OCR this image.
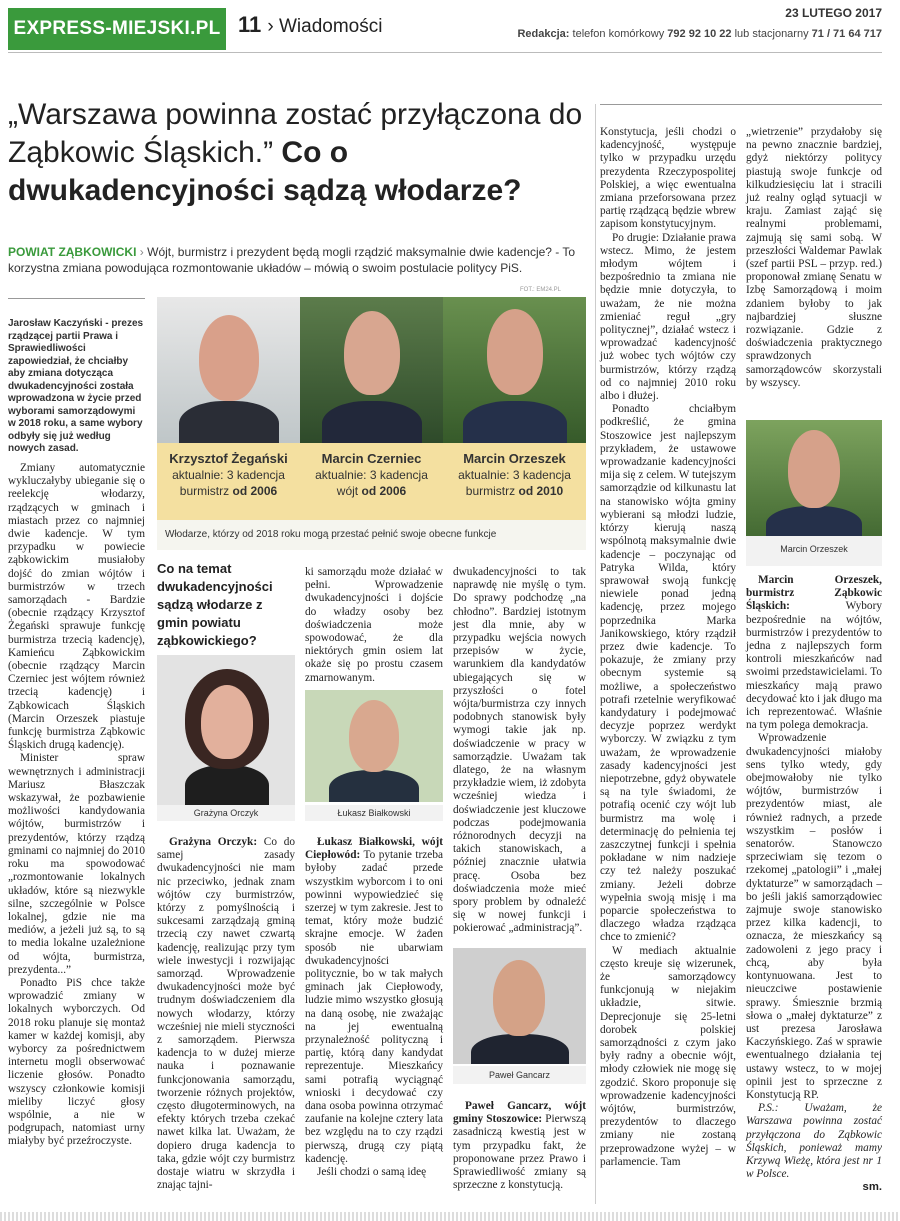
EXPRESS-MIEJSKI.PL 11 › Wiadomości
23 LUTEGO 2017
Redakcja: telefon komórkowy 792 92 10 22 lub stacjonarny 71 / 71 64 717
„Warszawa powinna zostać przyłączona do Ząbkowic Śląskich.” Co o dwukadencyjności sądzą włodarze?
POWIAT ZĄBKOWICKI › Wójt, burmistrz i prezydent będą mogli rządzić maksymalnie dwie kadencje? - To korzystna zmiana powodująca rozmontowanie układów – mówią o swoim postulacie politycy PiS.
FOT.: EM24.PL
Jarosław Kaczyński - prezes rządzącej partii Prawa i Sprawiedliwości zapowiedział, że chciałby aby zmiana dotycząca dwukadencyjności została wprowadzona w życie przed wyborami samorządowymi w 2018 roku, a same wybory odbyły się już według nowych zasad.
Krzysztof Żegański
aktualnie: 3 kadencja
burmistrz od 2006
Marcin Czerniec
aktualnie: 3 kadencja
wójt od 2006
Marcin Orzeszek
aktualnie: 3 kadencja
burmistrz od 2010
Włodarze, którzy od 2018 roku mogą przestać pełnić swoje obecne funkcje

Zmiany automatycznie wykluczałyby ubieganie się o reelekcję włodarzy, rządzących w gminach i miastach przez co najmniej dwie kadencje. W tym przypadku w powiecie ząbkowickim musiałoby dojść do zmian wójtów i burmistrzów w trzech samorządach - Bardzie (obecnie rządzący Krzysztof Żegański sprawuje funkcję burmistrza trzecią kadencję), Kamieńcu Ząbkowickim (obecnie rządzący Marcin Czerniec jest wójtem również trzecią kadencję) i Ząbkowicach Śląskich (Marcin Orzeszek piastuje funkcję burmistrza Ząbkowic Śląskich drugą kadencję).

Minister spraw wewnętrznych i administracji Mariusz Błaszczak wskazywał, że pozbawienie możliwości kandydowania wójtów, burmistrzów i prezydentów, którzy rządzą gminami co najmniej do 2010 roku ma spowodować „rozmontowanie lokalnych układów, które są niezwykle silne, szczególnie w Polsce lokalnej, gdzie nie ma mediów, a jeżeli już są, to są to media lokalne uzależnione od wójta, burmistrza, prezydenta...”

Ponadto PiS chce także wprowadzić zmiany w lokalnych wyborczych. Od 2018 roku planuje się montaż kamer w każdej komisji, aby wyborcy za pośrednictwem internetu mogli obserwować liczenie głosów. Ponadto wszyscy członkowie komisji mieliby liczyć głosy wspólnie, a nie w podgrupach, natomiast urny miałyby być przeźroczyste.

Co na temat dwukadencyjności sądzą włodarze z gmin powiatu ząbkowickiego?
Grażyna Orczyk

Grażyna Orczyk: Co do samej zasady dwukadencyjności nie mam nic przeciwko, jednak znam wójtów czy burmistrzów, którzy z pomyślnością i sukcesami zarządzają gminą trzecią czy nawet czwartą kadencję, realizując przy tym wiele inwestycji i rozwijając samorząd. Wprowadzenie dwukadencyjności może być trudnym doświadczeniem dla nowych włodarzy, którzy wcześniej nie mieli styczności z samorządem. Pierwsza kadencja to w dużej mierze nauka i poznawanie funkcjonowania samorządu, tworzenie różnych projektów, często długoterminowych, na efekty których trzeba czekać nawet kilka lat. Uważam, że dopiero druga kadencja to taka, gdzie wójt czy burmistrz dostaje wiatru w skrzydła i znając tajni-

ki samorządu może działać w pełni. Wprowadzenie dwukadencyjności i dojście do władzy osoby bez doświadczenia może spowodować, że dla niektórych gmin osiem lat okaże się po prostu czasem zmarnowanym.

Łukasz Białkowski

Łukasz Białkowski, wójt Ciepłowód: To pytanie trzeba byłoby zadać przede wszystkim wyborcom i to oni powinni wypowiedzieć się szerzej w tym zakresie. Jest to temat, który może budzić skrajne emocje. W żaden sposób nie ubarwiam dwukadencyjności politycznie, bo w tak małych gminach jak Ciepłowody, ludzie mimo wszystko głosują na daną osobę, nie zważając na jej ewentualną przynależność polityczną i partię, którą dany kandydat reprezentuje. Mieszkańcy sami potrafią wyciągnąć wnioski i decydować czy dana osoba powinna otrzymać zaufanie na kolejne cztery lata bez względu na to czy rządzi pierwszą, drugą czy piątą kadencję.

Jeśli chodzi o samą ideę

dwukadencyjności to tak naprawdę nie myślę o tym. Do sprawy podchodzę „na chłodno”. Bardziej istotnym jest dla mnie, aby w przypadku wejścia nowych przepisów w życie, warunkiem dla kandydatów ubiegających się w przyszłości o fotel wójta/burmistrza czy innych podobnych stanowisk były wymogi takie jak np. doświadczenie w pracy w samorządzie. Uważam tak dlatego, że na własnym przykładzie wiem, iż zdobyta wcześniej wiedza i doświadczenie jest kluczowe podczas podejmowania różnorodnych decyzji na takich stanowiskach, a później znacznie ułatwia pracę. Osoba bez doświadczenia może mieć spory problem by odnaleźć się w nowej funkcji i pokierować „administracją”.

Paweł Gancarz

Paweł Gancarz, wójt gminy Stoszowice: Pierwszą zasadniczą kwestią jest w tym przypadku fakt, że proponowane przez Prawo i Sprawiedliwość zmiany są sprzeczne z konstytucją.

Konstytucja, jeśli chodzi o kadencyjność, występuje tylko w przypadku urzędu prezydenta Rzeczypospolitej Polskiej, a więc ewentualna zmiana przeforsowana przez partię rządzącą będzie wbrew zapisom konstytucyjnym.

Po drugie: Działanie prawa wstecz. Mimo, że jestem młodym wójtem i bezpośrednio ta zmiana nie będzie mnie dotyczyła, to uważam, że nie można zmieniać reguł „gry politycznej”, działać wstecz i wprowadzać kadencyjność już wobec tych wójtów czy burmistrzów, którzy rządzą od co najmniej 2010 roku albo i dłużej.

Ponadto chciałbym podkreślić, że gmina Stoszowice jest najlepszym przykładem, że ustawowe wprowadzanie kadencyjności mija się z celem. W tutejszym samorządzie od kilkunastu lat na stanowisko wójta gminy wybierani są młodzi ludzie, którzy kierują naszą wspólnotą maksymalnie dwie kadencje – poczynając od Patryka Wilda, który sprawował swoją funkcję niewiele ponad jedną kadencję, przez mojego poprzednika Marka Janikowskiego, który rządził przez dwie kadencje. To pokazuje, że zmiany przy obecnym systemie są możliwe, a społeczeństwo potrafi rzetelnie weryfikować kandydatury i podejmować decyzje poprzez werdykt wyborczy. W związku z tym uważam, że wprowadzenie zasady kadencyjności jest niepotrzebne, gdyż obywatele są na tyle świadomi, że potrafią ocenić czy wójt lub burmistrz ma wolę i determinację do pełnienia tej zaszczytnej funkcji i spełnia pokładane w nim nadzieje czy też należy poszukać zmiany. Jeżeli dobrze wypełnia swoją misję i ma poparcie społeczeństwa to dlaczego władza rządząca chce to zmienić?

W mediach aktualnie często kreuje się wizerunek, że samorządowcy funkcjonują w niejakim układzie, sitwie. Deprecjonuje się 25-letni dorobek polskiej samorządności z czym jako były radny a obecnie wójt, młody człowiek nie mogę się zgodzić. Skoro proponuje się wprowadzenie kadencyjności wójtów, burmistrzów, prezydentów to dlaczego zmiany nie zostaną przeprowadzone wyżej – w parlamencie. Tam

„wietrzenie” przydałoby się na pewno znacznie bardziej, gdyż niektórzy politycy piastują swoje funkcje od kilkudziesięciu lat i stracili już realny ogląd sytuacji w kraju. Zamiast zająć się realnymi problemami, zajmują się sami sobą. W przeszłości Waldemar Pawlak (szef partii PSL – przyp. red.) proponował zmianę Senatu w Izbę Samorządową i moim zdaniem byłoby to jak najbardziej słuszne rozwiązanie. Gdzie z doświadczenia praktycznego sprawdzonych samorządowców skorzystali by wszyscy.

Marcin Orzeszek

Marcin Orzeszek, burmistrz Ząbkowic Śląskich:	Wybory bezpośrednie na wójtów, burmistrzów i prezydentów to jedna z najlepszych form kontroli mieszkańców nad swoimi przedstawicielami. To mieszkańcy mają prawo decydować kto i jak długo ma ich reprezentować. Właśnie na tym polega demokracja.

Wprowadzenie dwukadencyjności miałoby sens tylko wtedy, gdy obejmowałoby nie tylko wójtów, burmistrzów i prezydentów miast, ale również radnych, a przede wszystkim – posłów i senatorów. Stanowczo sprzeciwiam się tezom o rzekomej „patologii” i „małej dyktaturze” w samorządach – bo jeśli jakiś samorządowiec zajmuje swoje stanowisko przez kilka kadencji, to oznacza, że mieszkańcy są zadowoleni z jego pracy i chcą, aby była kontynuowana. Jest to nieuczciwe postawienie sprawy. Śmiesznie brzmią słowa o „małej dyktaturze” z ust prezesa Jarosława Kaczyńskiego. Zaś w sprawie ewentualnego działania tej ustawy wstecz, to w mojej opinii jest to sprzeczne z Konstytucją RP.

P.S.: Uważam, że Warszawa powinna zostać przyłączona do Ząbkowic Śląskich, ponieważ mamy Krzywą Wieżę, która jest nr 1 w Polsce.

sm.
